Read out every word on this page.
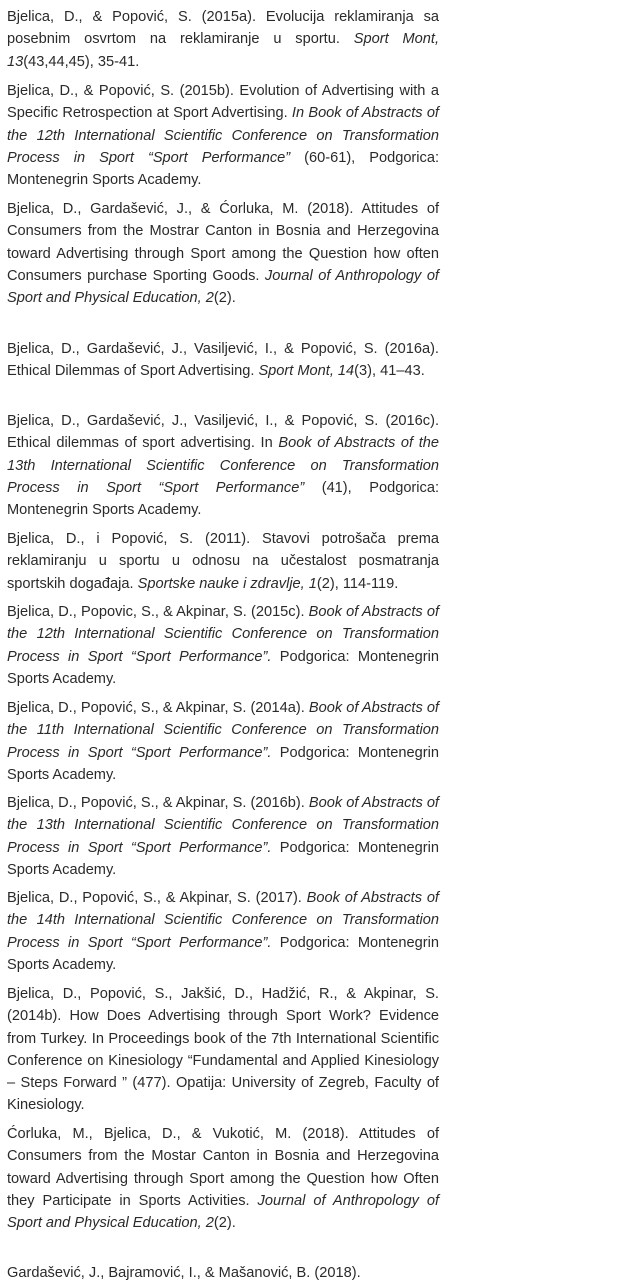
Bjelica, D., & Popović, S. (2015a). Evolucija reklamiranja sa posebnim osvrtom na reklamiranje u sportu. Sport Mont, 13(43,44,45), 35-41.

Bjelica, D., & Popović, S. (2015b). Evolution of Advertising with a Specific Retrospection at Sport Advertising. In Book of Abstracts of the 12th International Scientific Conference on Transformation Process in Sport “Sport Performance” (60-61), Podgorica: Montenegrin Sports Academy.

Bjelica, D., Gardašević, J., & Ćorluka, M. (2018). Attitudes of Consumers from the Mostrar Canton in Bosnia and Herzegovina toward Advertising through Sport among the Question how often Consumers purchase Sporting Goods. Journal of Anthropology of Sport and Physical Education, 2(2).

Bjelica, D., Gardašević, J., Vasiljević, I., & Popović, S. (2016a). Ethical Dilemmas of Sport Advertising. Sport Mont, 14(3), 41–43.

Bjelica, D., Gardašević, J., Vasiljević, I., & Popović, S. (2016c). Ethical dilemmas of sport advertising. In Book of Abstracts of the 13th International Scientific Conference on Transformation Process in Sport “Sport Performance” (41), Podgorica: Montenegrin Sports Academy.

Bjelica, D., i Popović, S. (2011). Stavovi potrošača prema reklamiranju u sportu u odnosu na učestalost posmatranja sportskih događaja. Sportske nauke i zdravlje, 1(2), 114-119.

Bjelica, D., Popovic, S., & Akpinar, S. (2015c). Book of Abstracts of the 12th International Scientific Conference on Transformation Process in Sport “Sport Performance”. Podgorica: Montenegrin Sports Academy.

Bjelica, D., Popović, S., & Akpinar, S. (2014a). Book of Abstracts of the 11th International Scientific Conference on Transformation Process in Sport “Sport Performance”. Podgorica: Montenegrin Sports Academy.

Bjelica, D., Popović, S., & Akpinar, S. (2016b). Book of Abstracts of the 13th International Scientific Conference on Transformation Process in Sport “Sport Performance”. Podgorica: Montenegrin Sports Academy.

Bjelica, D., Popović, S., & Akpinar, S. (2017). Book of Abstracts of the 14th International Scientific Conference on Transformation Process in Sport “Sport Performance”. Podgorica: Montenegrin Sports Academy.

Bjelica, D., Popović, S., Jakšić, D., Hadžić, R., & Akpinar, S. (2014b). How Does Advertising through Sport Work? Evidence from Turkey. In Proceedings book of the 7th International Scientific Conference on Kinesiology “Fundamental and Applied Kinesiology – Steps Forward ” (477). Opatija: University of Zegreb, Faculty of Kinesiology.

Ćorluka, M., Bjelica, D., & Vukotić, M. (2018). Attitudes of Consumers from the Mostar Canton in Bosnia and Herzegovina toward Advertising through Sport among the Question how Often they Participate in Sports Activities. Journal of Anthropology of Sport and Physical Education, 2(2).

Gardašević, J., Bajramović, I., & Mašanović, B. (2018).
